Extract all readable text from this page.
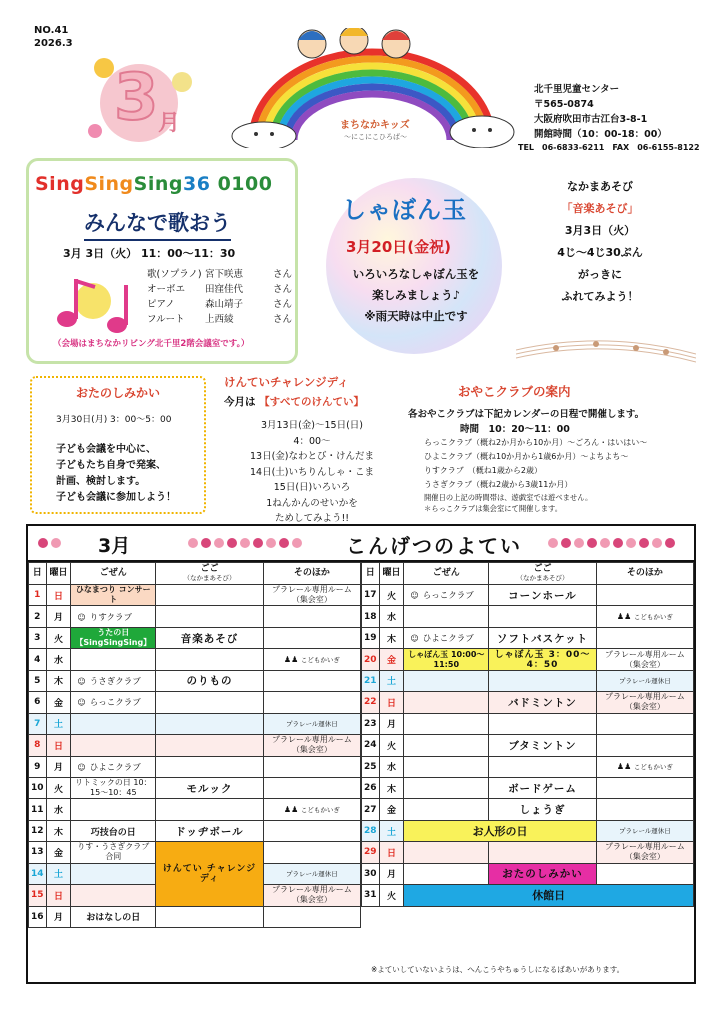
NO.41
2026.3
3 月	まちなかキッズ
～にこにこひろば～
北千里児童センター
〒565-0874
大阪府吹田市古江台3-8-1
開館時間（10：00-18：00）
TEL　06-6833-6211　FAX　06-6155-8122
SingSingSing36 0100
みんなで歌おう
3月 3日（火） 11：00～11：30
歌(ソプラノ) 宮下咲恵	さん
オーボエ	田窪佳代	さん
ピアノ	森山靖子	さん
フルート	上西綾	さん
（会場はまちなかリビング北千里2階会議室です。）
しゃぼん玉
3月20日(金祝)
いろいろなしゃぼん玉を
楽しみましょう♪
※雨天時は中止です
なかまあそび
「音楽あそび」
3月3日（火）
4じ～4じ30ぷん
がっきに
ふれてみよう！
おたのしみかい
3月30日(月) 3：00～5：00
子ども会議を中心に、
子どもたち自身で発案、
計画、検討します。
子ども会議に参加しよう！
けんていチャレンジディ
今月は 【すべてのけんてい】
3月13日(金)～15日(日)
4：00～
13日(金)なわとび・けんだま
14日(土)いちりんしゃ・こま
15日(日)いろいろ
1ねんかんのせいかを
ためしてみよう!!
おやこクラブの案内
各おやこクラブは下記カレンダーの日程で開催します。
時間　10：20～11：00
らっこクラブ（概ね2か月から10か月）～ごろん・はいはい～
ひよこクラブ（概ね10か月から1歳6か月）～よちよち～
りすクラブ　（概ね1歳から2歳）
うさぎクラブ（概ね2歳から3歳11か月）
開催日の上記の時間帯は、遊戯室では遊べません。
＊らっこクラブは集会室にて開催します。
3月	こんげつのよてい
日	曜日	ごぜん	ごご
（なかまあそび）	そのほか
1	日	ひなまつり コンサート		プラレール専用ルーム （集会室）
2	月	☺ りすクラブ		
3	火	うたの日 【SingSingSing】	音楽あそび	
4	水			♟♟ こどもかいぎ
5	木	☺ うさぎクラブ	のりもの	
6	金	☺ らっこクラブ		
7	土			プラレール運休日
8	日			プラレール専用ルーム （集会室）
9	月	☺ ひよこクラブ		
10	火	リトミックの日 10：15～10：45	モルック	
11	水			♟♟ こどもかいぎ
12	木	巧技台の日	ドッヂボール	
13	金	りす・うさぎクラブ 合同	けんてい チャレンジディ	
14	土			プラレール運休日
15	日			プラレール専用ルーム （集会室）
16	月	おはなしの日		
日	曜日	ごぜん	ごご
（なかまあそび）	そのほか
17	火	☺ らっこクラブ	コーンホール	
18	水			♟♟ こどもかいぎ
19	木	☺ ひよこクラブ	ソフトバスケット	
20	金	しゃぼん玉 10:00～11:50	しゃぼん玉 3：00～4：50	プラレール専用ルーム （集会室）
21	土			プラレール運休日
22	日		バドミントン	プラレール専用ルーム （集会室）
23	月			
24	火		ブタミントン	
25	水			♟♟ こどもかいぎ
26	木		ボードゲーム	
27	金		しょうぎ	
28	土	お人形の日		プラレール運休日
29	日			プラレール専用ルーム （集会室）
30	月		おたのしみかい	
31	火	休館日		
※よていしていないようは、へんこうやちゅうしになるばあいがあります。
